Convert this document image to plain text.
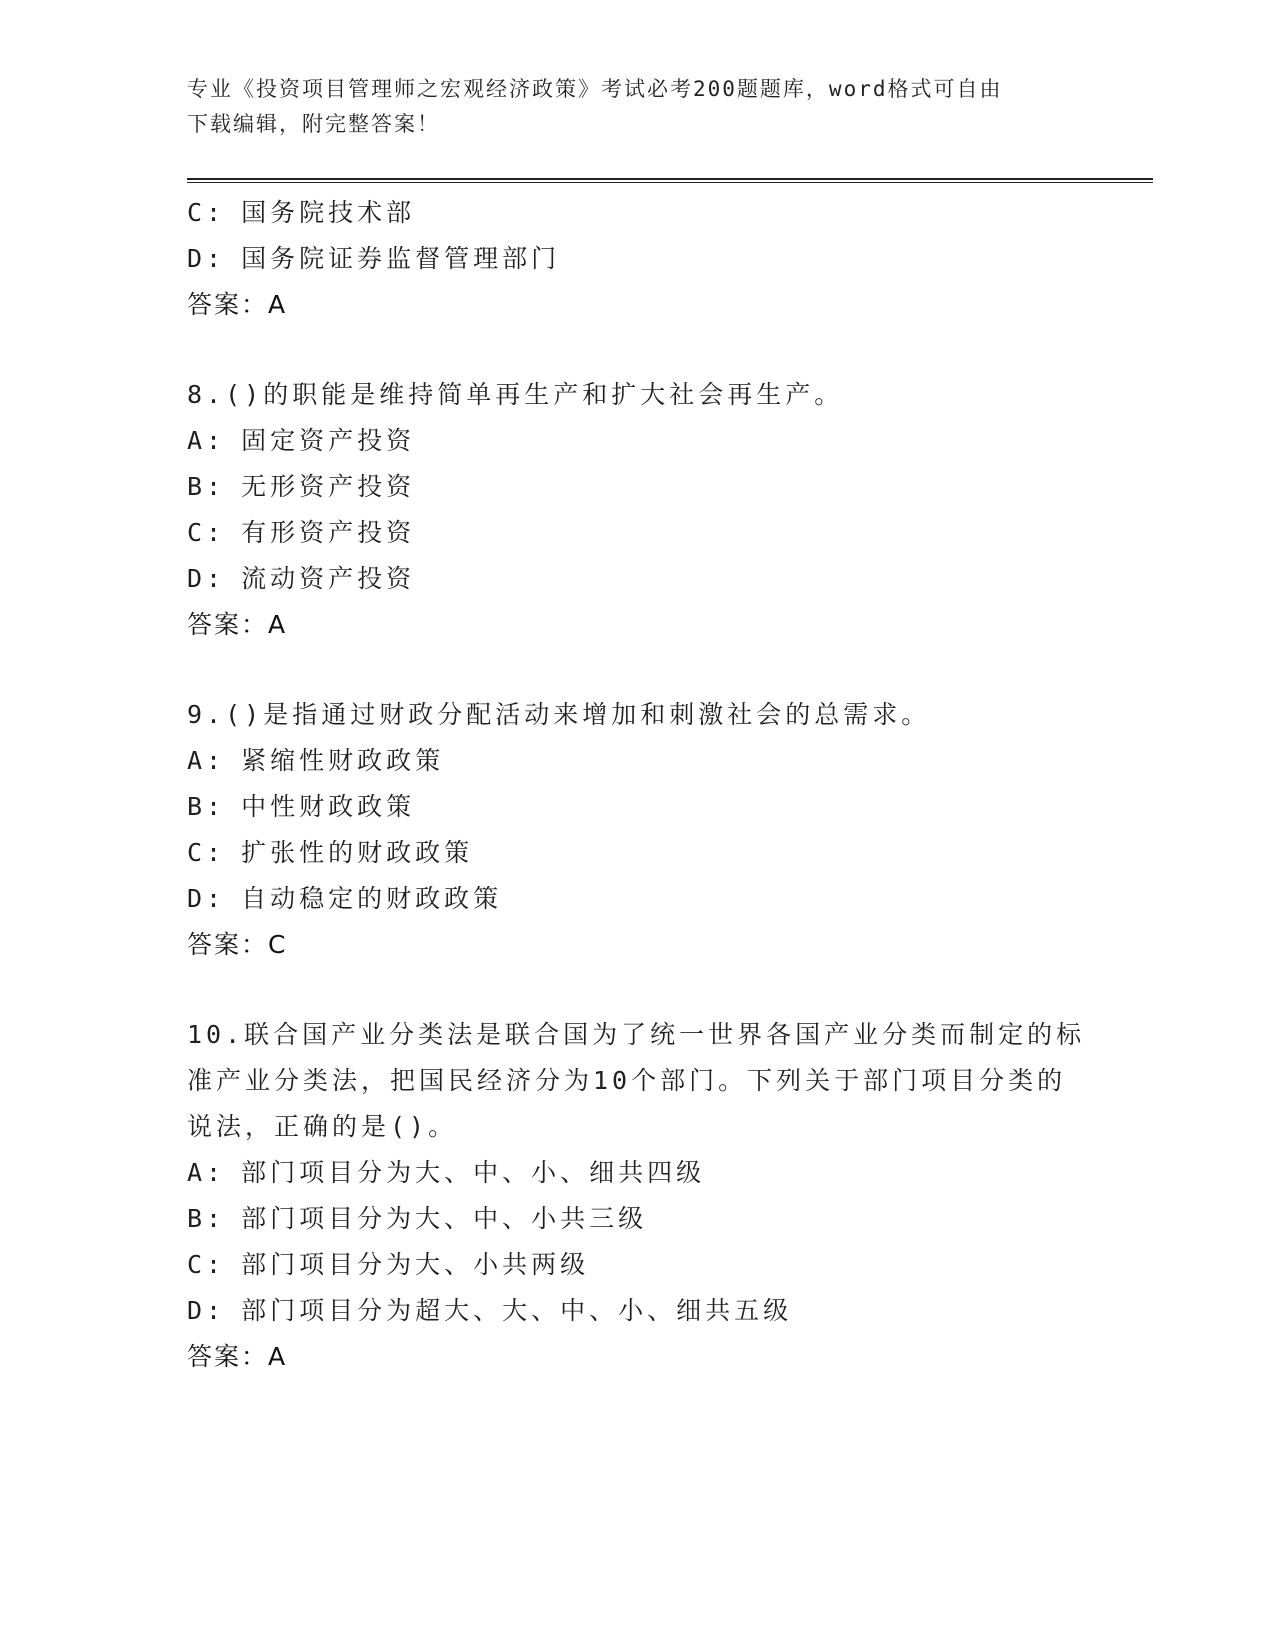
专业《投资项目管理师之宏观经济政策》考试必考200题题库，word格式可自由
下载编辑，附完整答案！
C: 国务院技术部
D: 国务院证券监督管理部门
答案：A
8.()的职能是维持简单再生产和扩大社会再生产。
A: 固定资产投资
B: 无形资产投资
C: 有形资产投资
D: 流动资产投资
答案：A
9.()是指通过财政分配活动来增加和刺激社会的总需求。
A: 紧缩性财政政策
B: 中性财政政策
C: 扩张性的财政政策
D: 自动稳定的财政政策
答案：C
10.联合国产业分类法是联合国为了统一世界各国产业分类而制定的标
准产业分类法，把国民经济分为10个部门。下列关于部门项目分类的
说法，正确的是()。
A: 部门项目分为大、中、小、细共四级
B: 部门项目分为大、中、小共三级
C: 部门项目分为大、小共两级
D: 部门项目分为超大、大、中、小、细共五级
答案：A
